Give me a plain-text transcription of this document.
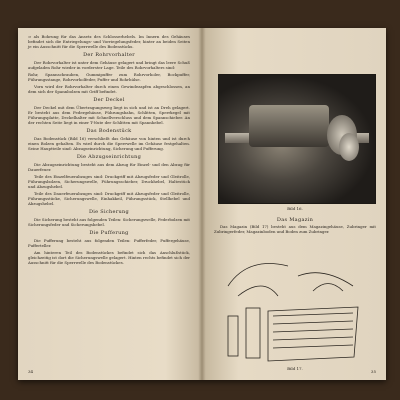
⇒ als Bohrung für das Ansetz des Schlosserhebels. Im Innern des Gehäuses befindet sich die Entriegelungs- und Vorriegelungsfeder, hinter an beiden Seiten je ein Ausschnitt für die Sperrwelle des Bodenstücks.

Der Rohrvorhalter

Der Rohrvorhalter ist unter dem Gehäuse gelagert und bringt das leere Schuß aufgeladen Rohr wieder in vorderster Lage. Teile des Rohrvorhalters sind:

Rohr, Spannschrauben, Gummipuffer zum Rohrvorholer, Bockpuffer, Führungsstange, Rohrvorholfeder, Puffer und Rohrhülse.

Vorn wird der Rohrvorhalter durch einen Gewindezapfen abgeschlossen, an dem sich der Spannbolzen mit Griff befindet.

Der Deckel

Der Deckel mit dem Übertragungsweg liegt in sich und ist an Dreh gelagert. Er besteht aus dem Federgehäuse, Führungsbahn, Schlitten, Sperrkegel mit Führungsplatte, Deckelhalter mit Schnellverschluss und dem Spannschieber. An der rechten Seite liegt in einer T-Nute der Schlitten mit Spannhebel.

Das Bodenstück

Das Bodenstück (Bild 16) verschließt das Gehäuse von hinten und ist durch einen Bolzen gehalten. Es wird durch die Sperrwelle im Gehäuse festgehalten. Seine Hauptteile sind: Abzugseinrichtung, Sicherung und Pufferung.

Die Abzugseinrichtung

Die Abzugseinrichtung besteht aus dem Abzug für Einzel- und den Abzug für Dauerfeuer.

Teile des Einzelfeuerabzuges sind: Druckgriff mit Abzugsfeder und Gleitrolle, Führungsbolzen, Sicherungswelle, Führungsschieber, Druckhebel, Haltestück und Abzugshebel.

Teile des Dauerfeuerabzuges sind: Druckgriff mit Abzugsfeder und Gleitrolle, Führungsstücke, Sicherungswelle, Einhakkeil, Führungsstück, Stellhebel und Abzugshebel.

Die Sicherung

Die Sicherung besteht aus folgenden Teilen: Sicherungswelle, Federbolzen mit Sicherungsfeder und Sicherungshebel.

Die Pufferung

Die Pufferung besteht aus folgenden Teilen: Pufferfeder, Puffergehäuse, Pufferteller.

Am hinteren Teil des Bodenstückes befindet sich das Anschlußstück, gleichzeitig ist dort die Sicherungswelle gelagert. Hinten rechts befindet sich der Ausschnitt für die Sperrwelle des Bodenstückes.

34
Bild 16.
Das Magazin

Das Magazin (Bild 17) besteht aus dem Magazingehäuse, Zubringer mit Zubringerfeder, Magazinboden und Boden zum Zubringer.

Bild 17.
35
